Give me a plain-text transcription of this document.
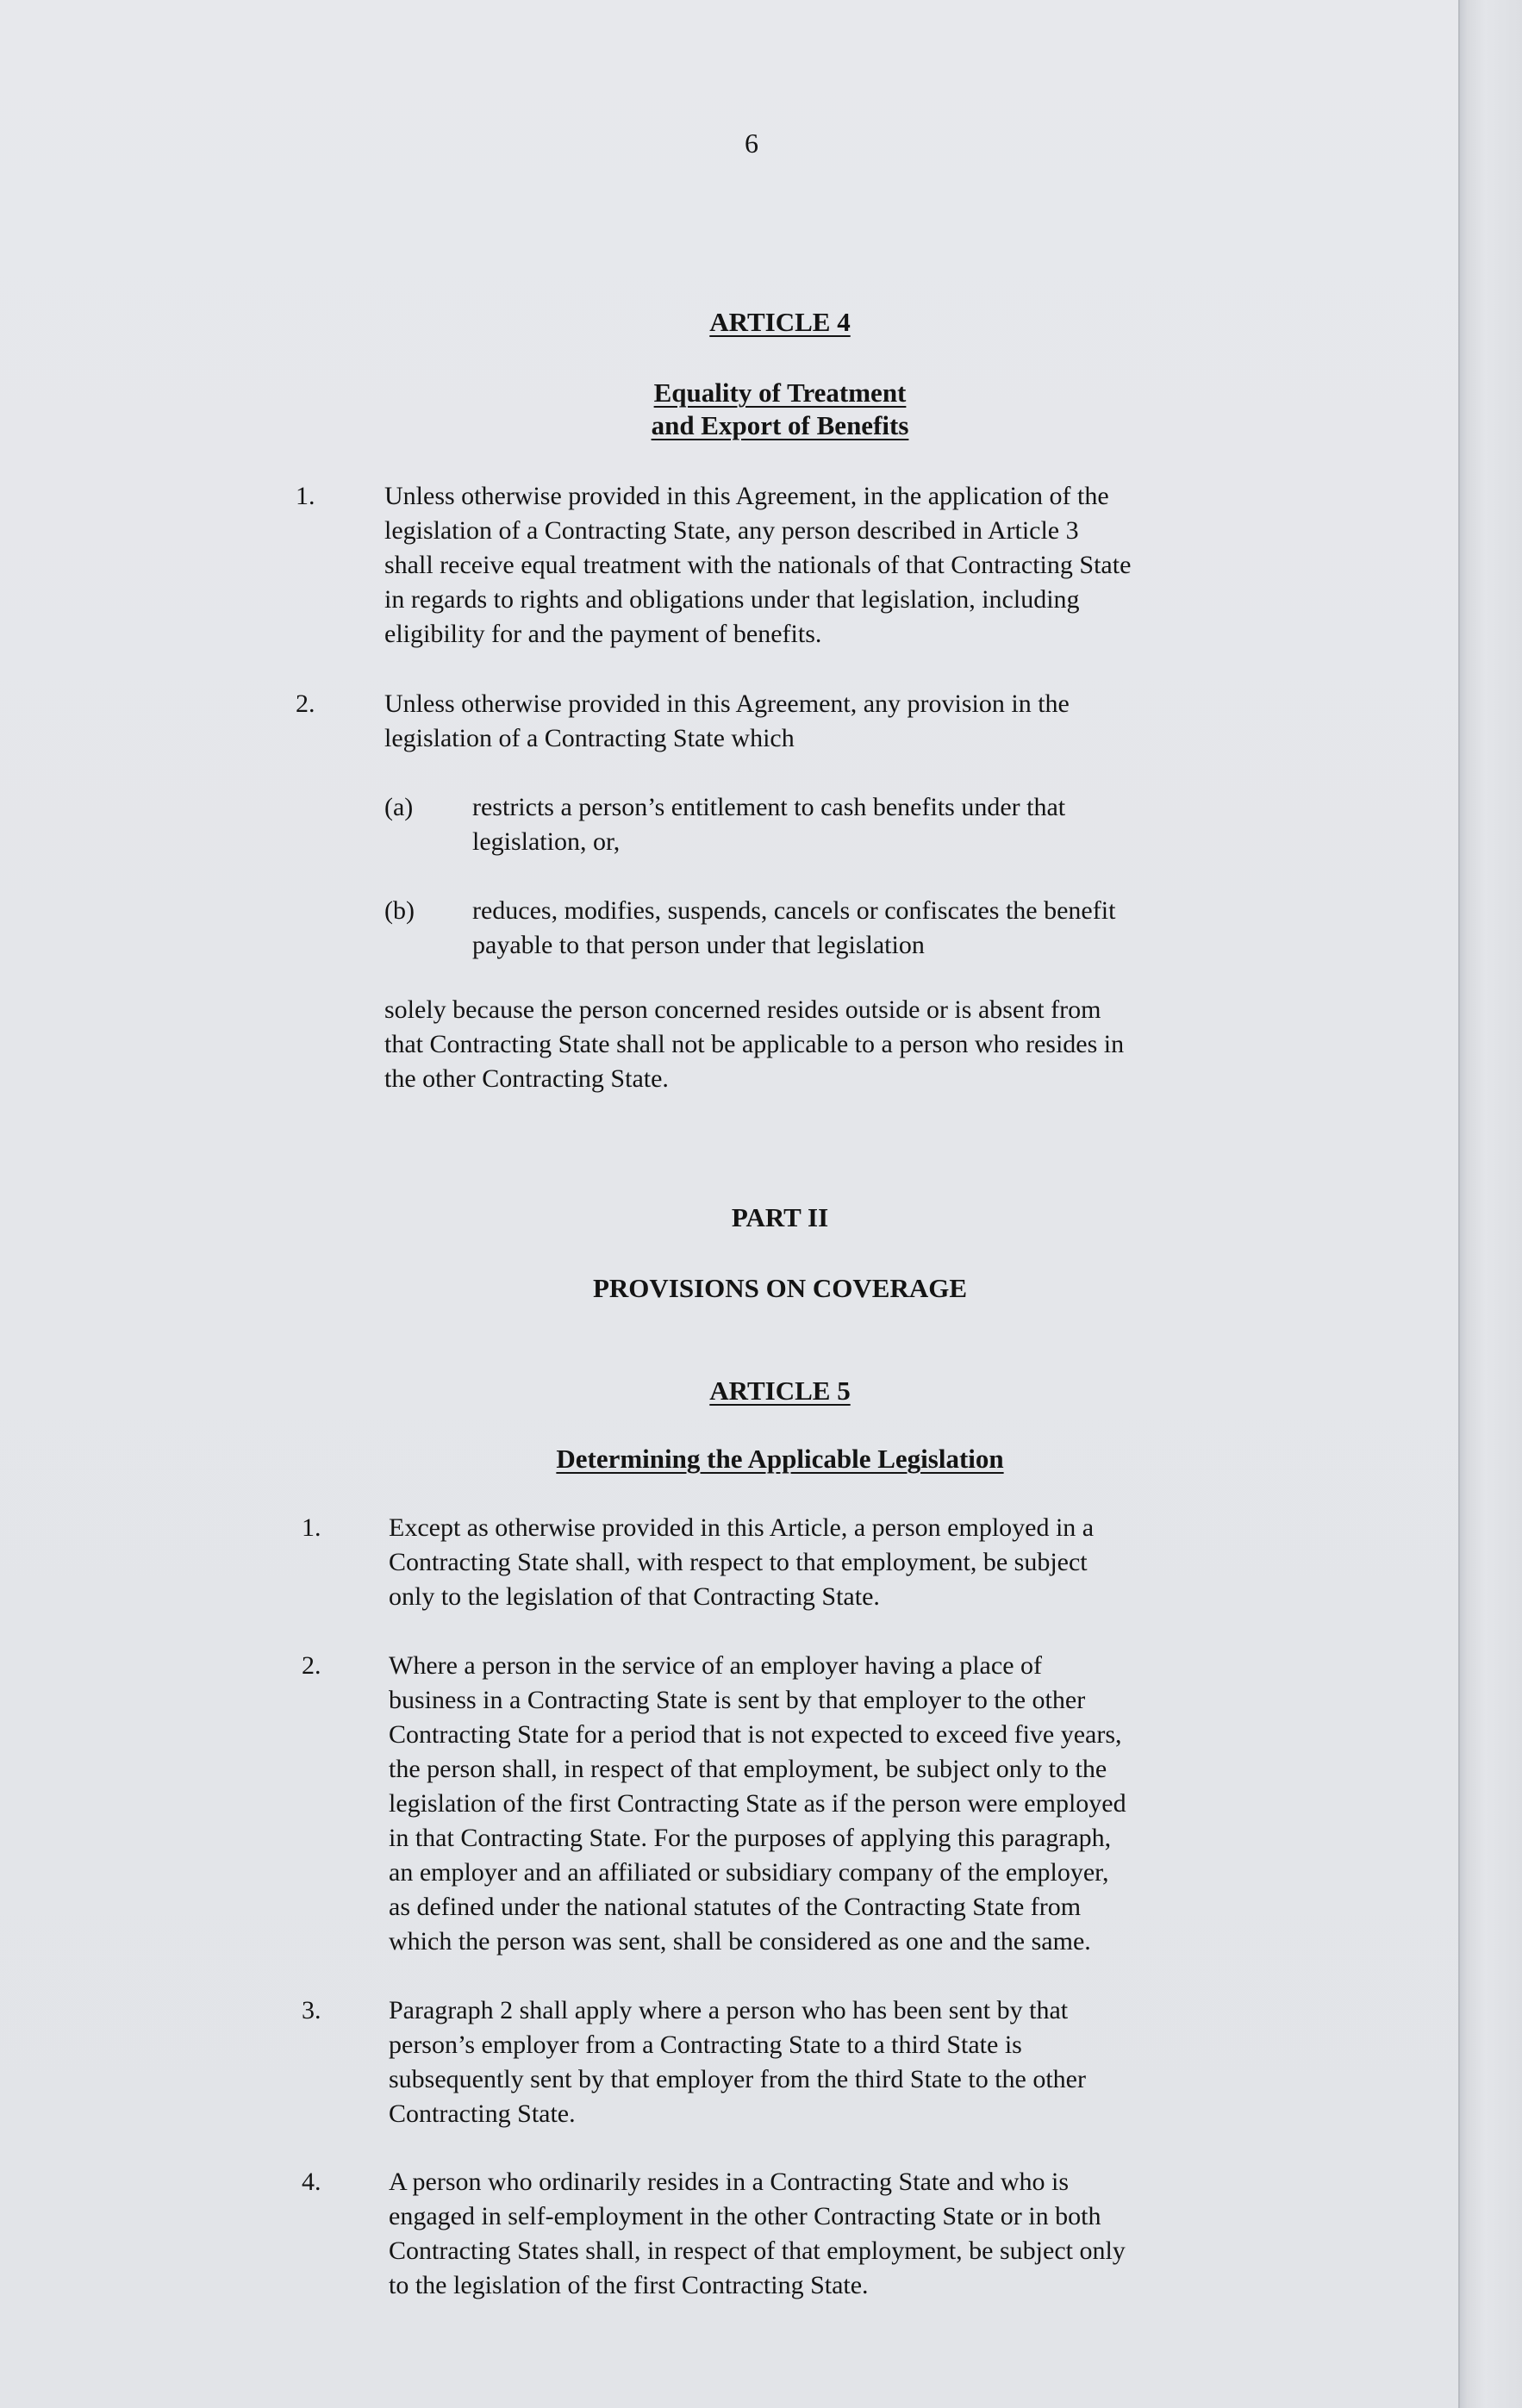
6
ARTICLE 4
Equality of Treatment
and Export of Benefits
1.	Unless otherwise provided in this Agreement, in the application of the
legislation of a Contracting State, any person described in Article 3
shall receive equal treatment with the nationals of that Contracting State
in regards to rights and obligations under that legislation, including
eligibility for and the payment of benefits.
2.	Unless otherwise provided in this Agreement, any provision in the
legislation of a Contracting State which
(a) restricts a person’s entitlement to cash benefits under that
legislation, or,
(b) reduces, modifies, suspends, cancels or confiscates the benefit
payable to that person under that legislation
solely because the person concerned resides outside or is absent from
that Contracting State shall not be applicable to a person who resides in
the other Contracting State.
PART II
PROVISIONS ON COVERAGE
ARTICLE 5
Determining the Applicable Legislation
1.	Except as otherwise provided in this Article, a person employed in a
Contracting State shall, with respect to that employment, be subject
only to the legislation of that Contracting State.
2.	Where a person in the service of an employer having a place of
business in a Contracting State is sent by that employer to the other
Contracting State for a period that is not expected to exceed five years,
the person shall, in respect of that employment, be subject only to the
legislation of the first Contracting State as if the person were employed
in that Contracting State. For the purposes of applying this paragraph,
an employer and an affiliated or subsidiary company of the employer,
as defined under the national statutes of the Contracting State from
which the person was sent, shall be considered as one and the same.
3.	Paragraph 2 shall apply where a person who has been sent by that
person’s employer from a Contracting State to a third State is
subsequently sent by that employer from the third State to the other
Contracting State.
4.	A person who ordinarily resides in a Contracting State and who is
engaged in self-employment in the other Contracting State or in both
Contracting States shall, in respect of that employment, be subject only
to the legislation of the first Contracting State.
